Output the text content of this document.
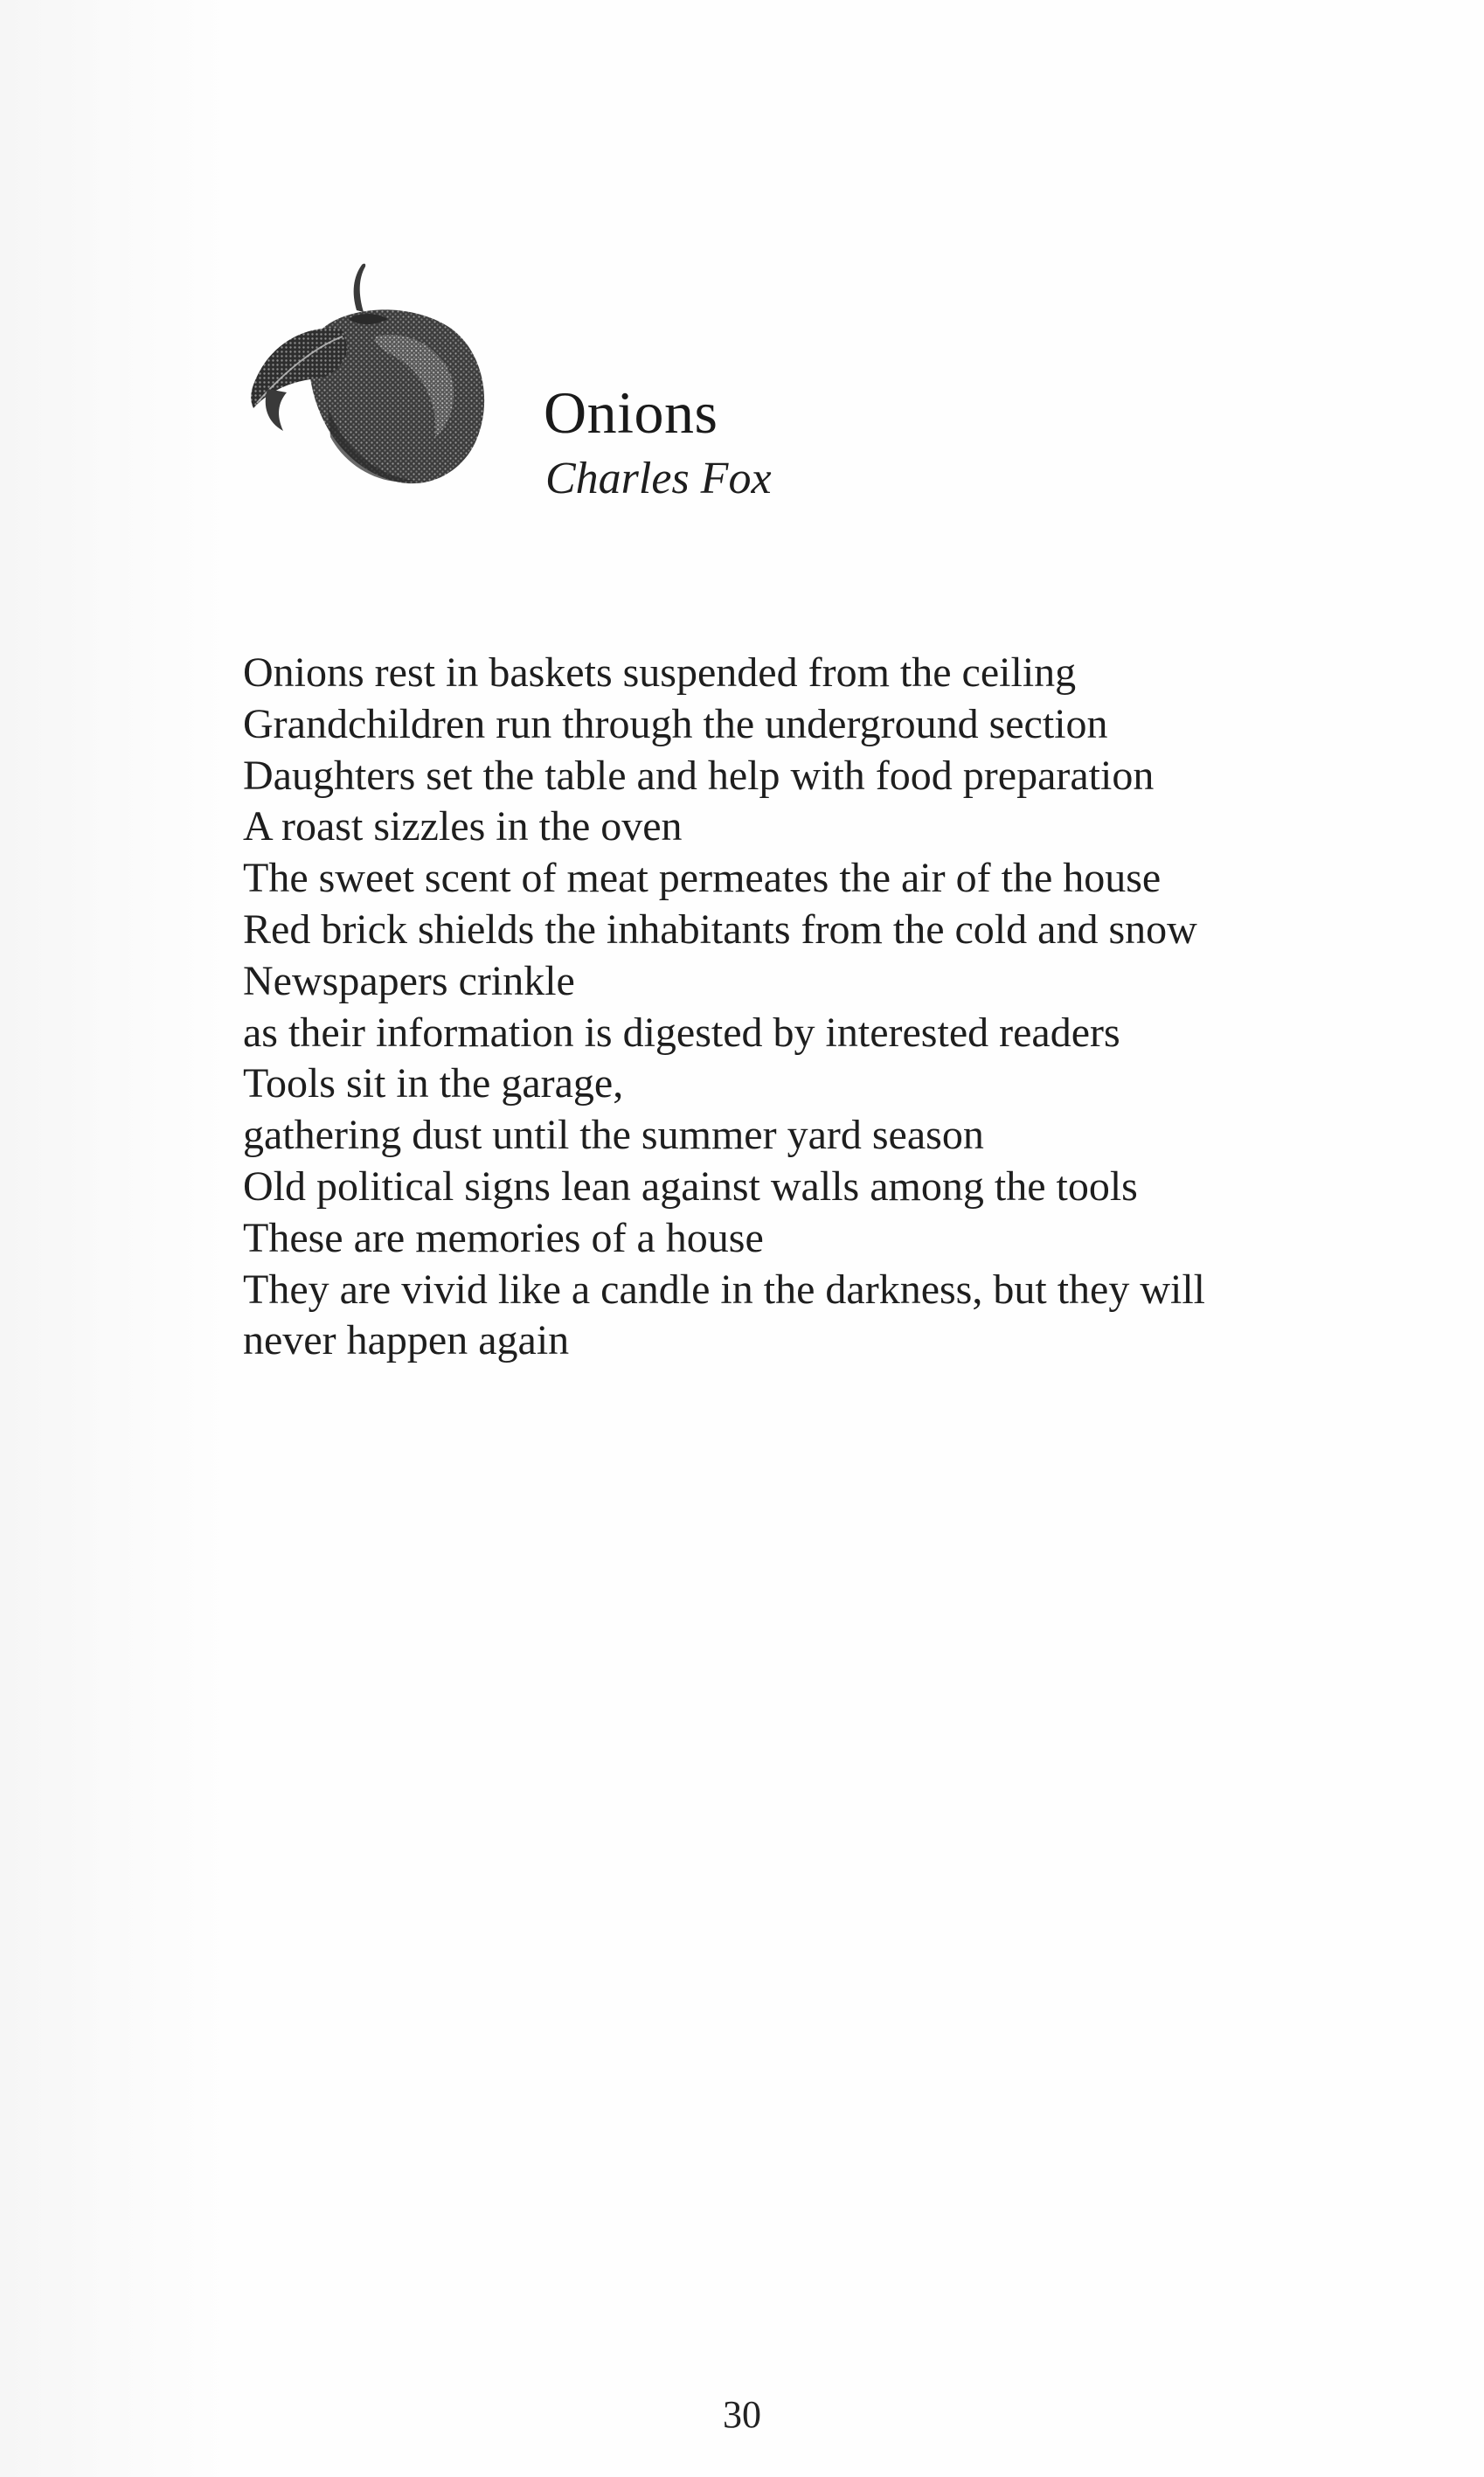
Onions
Charles Fox
Onions rest in baskets suspended from the ceiling
Grandchildren run through the underground section
Daughters set the table and help with food preparation
A roast sizzles in the oven
The sweet scent of meat permeates the air of the house
Red brick shields the inhabitants from the cold and snow
Newspapers crinkle
as their information is digested by interested readers
Tools sit in the garage,
gathering dust until the summer yard season
Old political signs lean against walls among the tools
These are memories of a house
They are vivid like a candle in the darkness, but they will
never happen again
30
